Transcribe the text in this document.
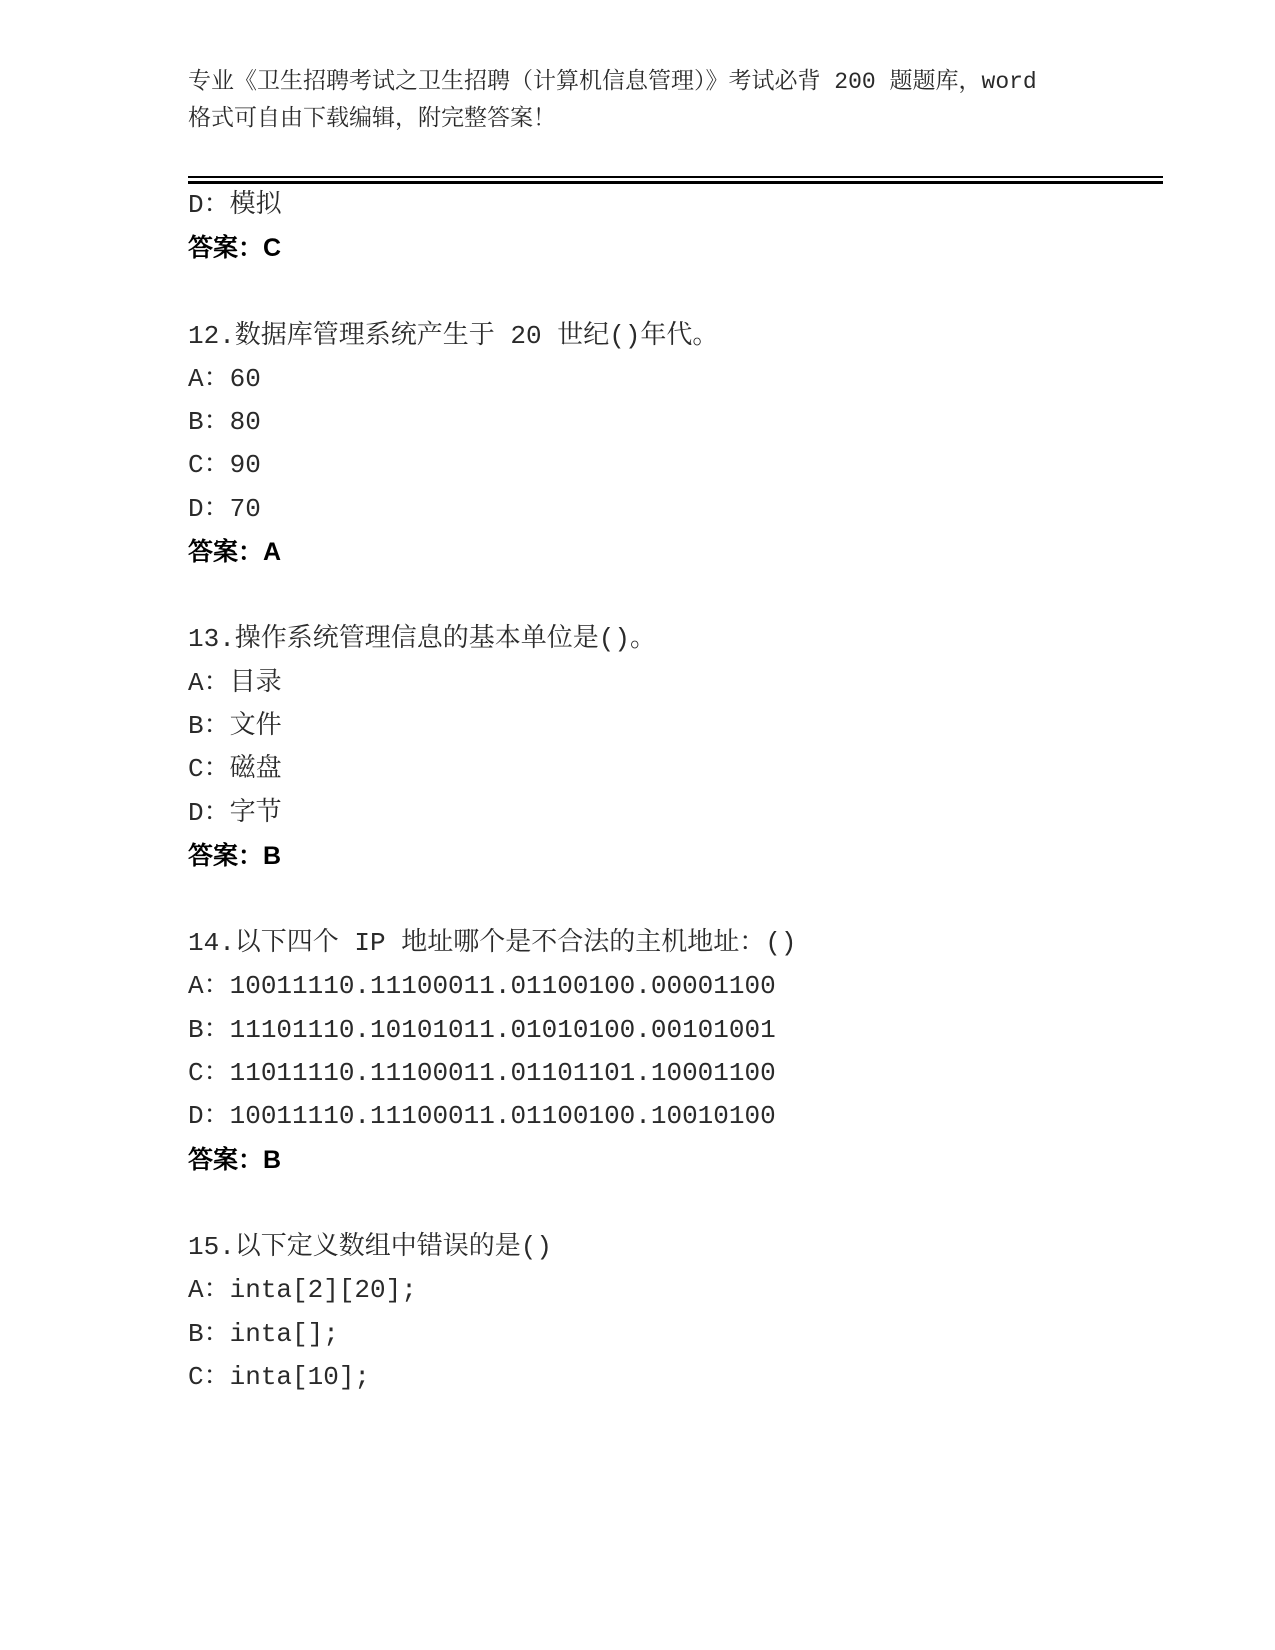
专业《卫生招聘考试之卫生招聘（计算机信息管理）》考试必背 200 题题库，word
格式可自由下载编辑，附完整答案！

D：模拟

答案：C

12.数据库管理系统产生于 20 世纪()年代。

A：60

B：80

C：90

D：70

答案：A

13.操作系统管理信息的基本单位是()。

A：目录

B：文件

C：磁盘

D：字节

答案：B

14.以下四个 IP 地址哪个是不合法的主机地址：()

A：10011110.11100011.01100100.00001100

B：11101110.10101011.01010100.00101001

C：11011110.11100011.01101101.10001100

D：10011110.11100011.01100100.10010100

答案：B

15.以下定义数组中错误的是()

A：inta[2][20];

B：inta[];

C：inta[10];
